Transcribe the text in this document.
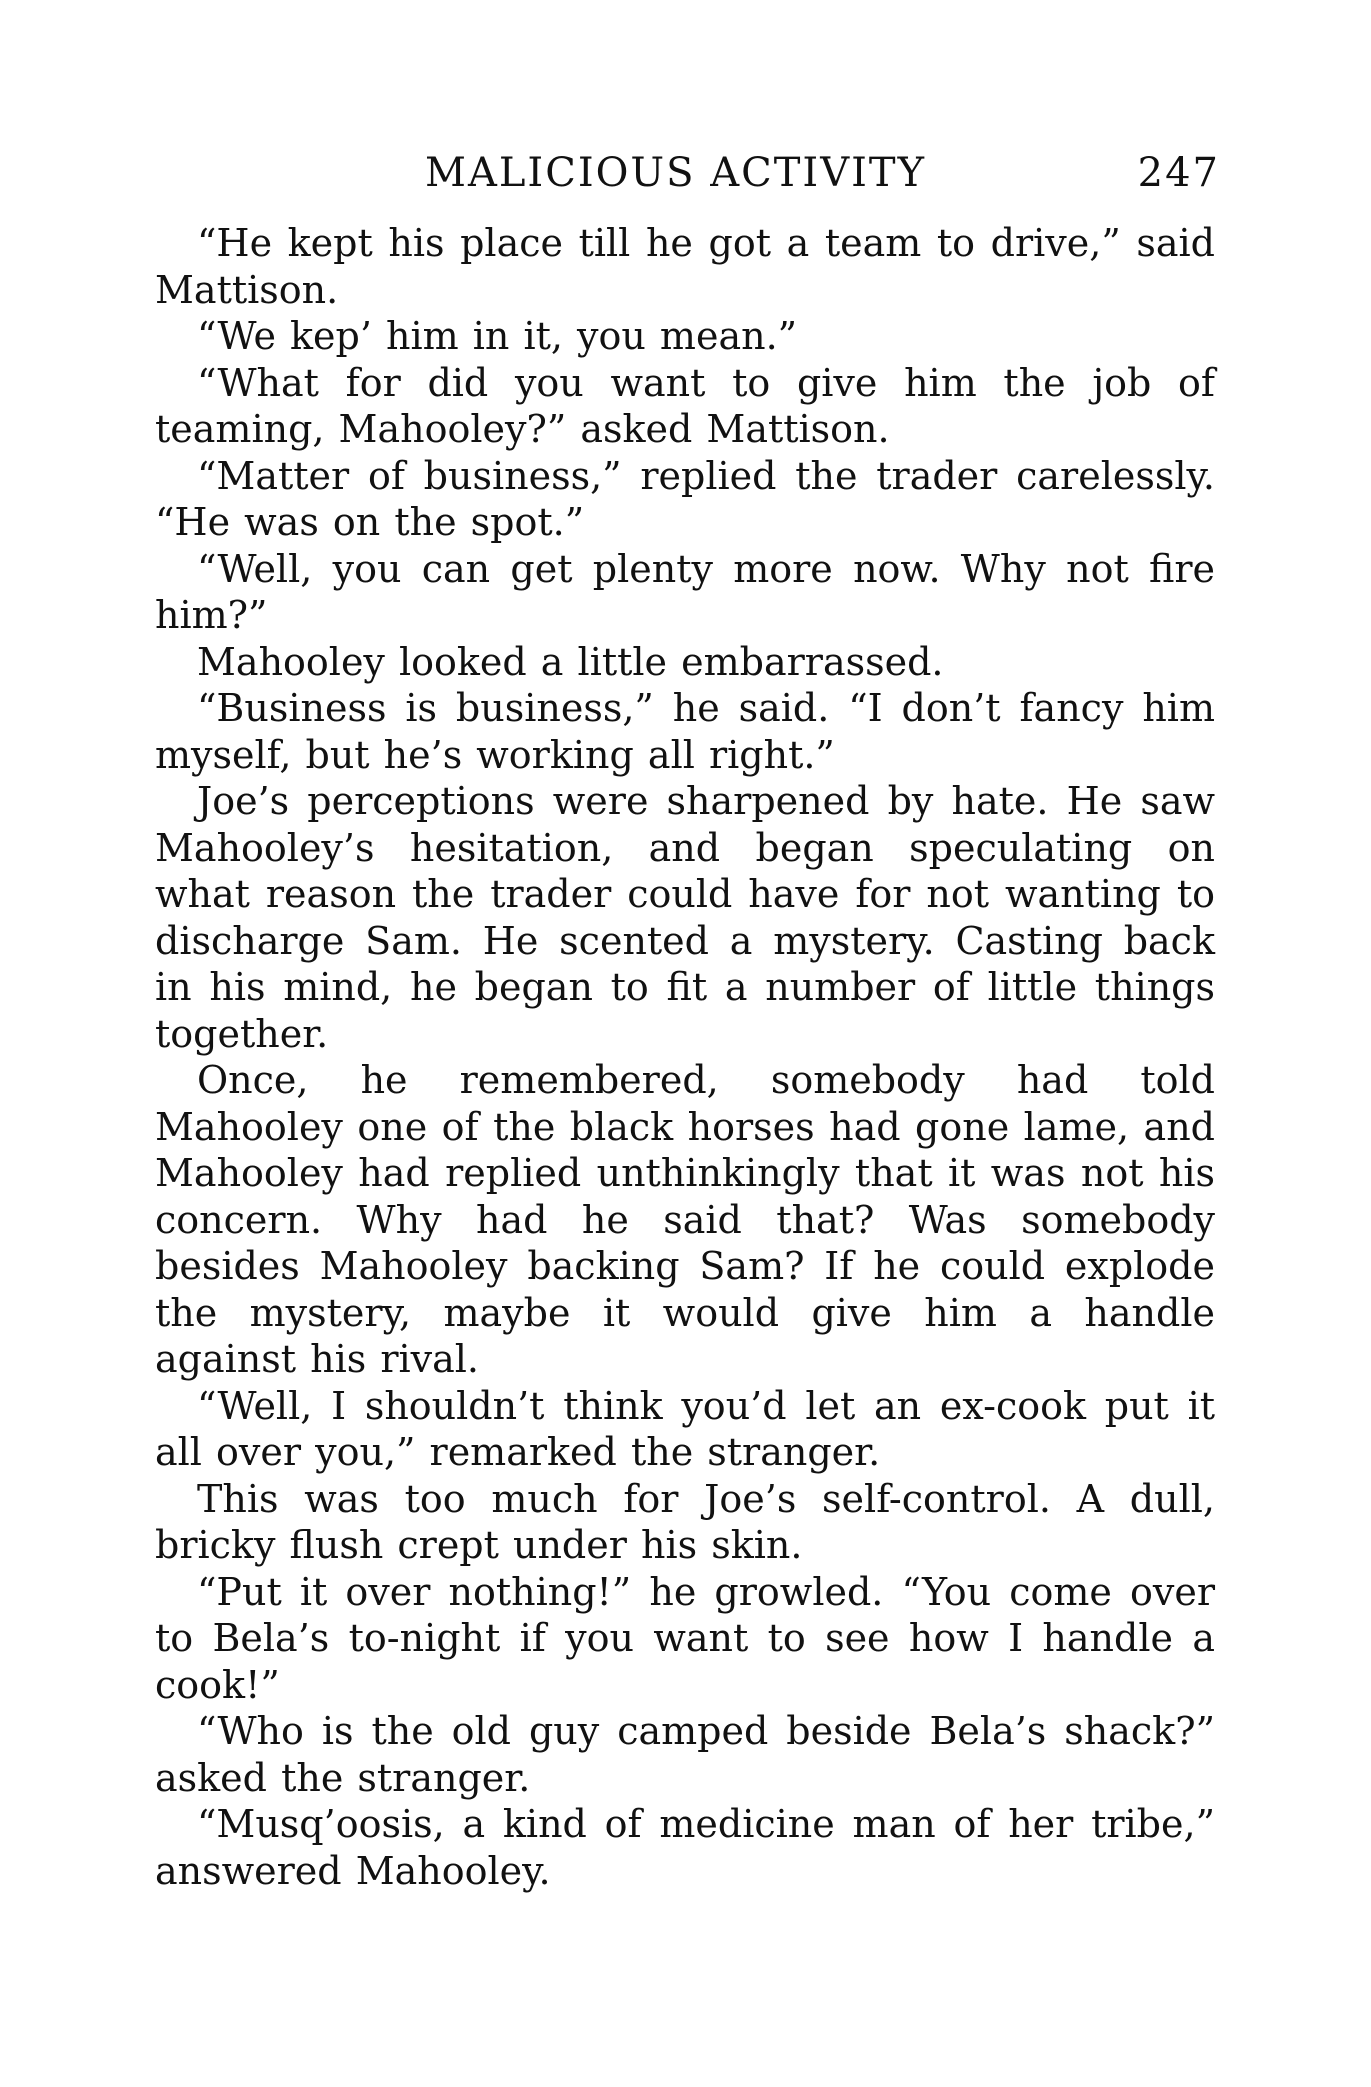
MALICIOUS ACTIVITY	247

“He kept his place till he got a team to drive,” said Mattison.

“We kep’ him in it, you mean.”

“What for did you want to give him the job of teaming, Mahooley?” asked Mattison.

“Matter of business,” replied the trader carelessly. “He was on the spot.”

“Well, you can get plenty more now. Why not fire him?”

Mahooley looked a little embarrassed.

“Business is business,” he said. “I don’t fancy him myself, but he’s working all right.”

Joe’s perceptions were sharpened by hate. He saw Mahooley’s hesitation, and began speculating on what reason the trader could have for not wanting to discharge Sam. He scented a mystery. Casting back in his mind, he began to fit a number of little things together.

Once, he remembered, somebody had told Mahooley one of the black horses had gone lame, and Mahooley had replied unthinkingly that it was not his concern. Why had he said that? Was somebody besides Mahooley backing Sam? If he could explode the mystery, maybe it would give him a handle against his rival.

“Well, I shouldn’t think you’d let an ex-cook put it all over you,” remarked the stranger.

This was too much for Joe’s self-control. A dull, bricky flush crept under his skin.

“Put it over nothing!” he growled. “You come over to Bela’s to-night if you want to see how I handle a cook!”

“Who is the old guy camped beside Bela’s shack?” asked the stranger.

“Musq’oosis, a kind of medicine man of her tribe,” answered Mahooley.
